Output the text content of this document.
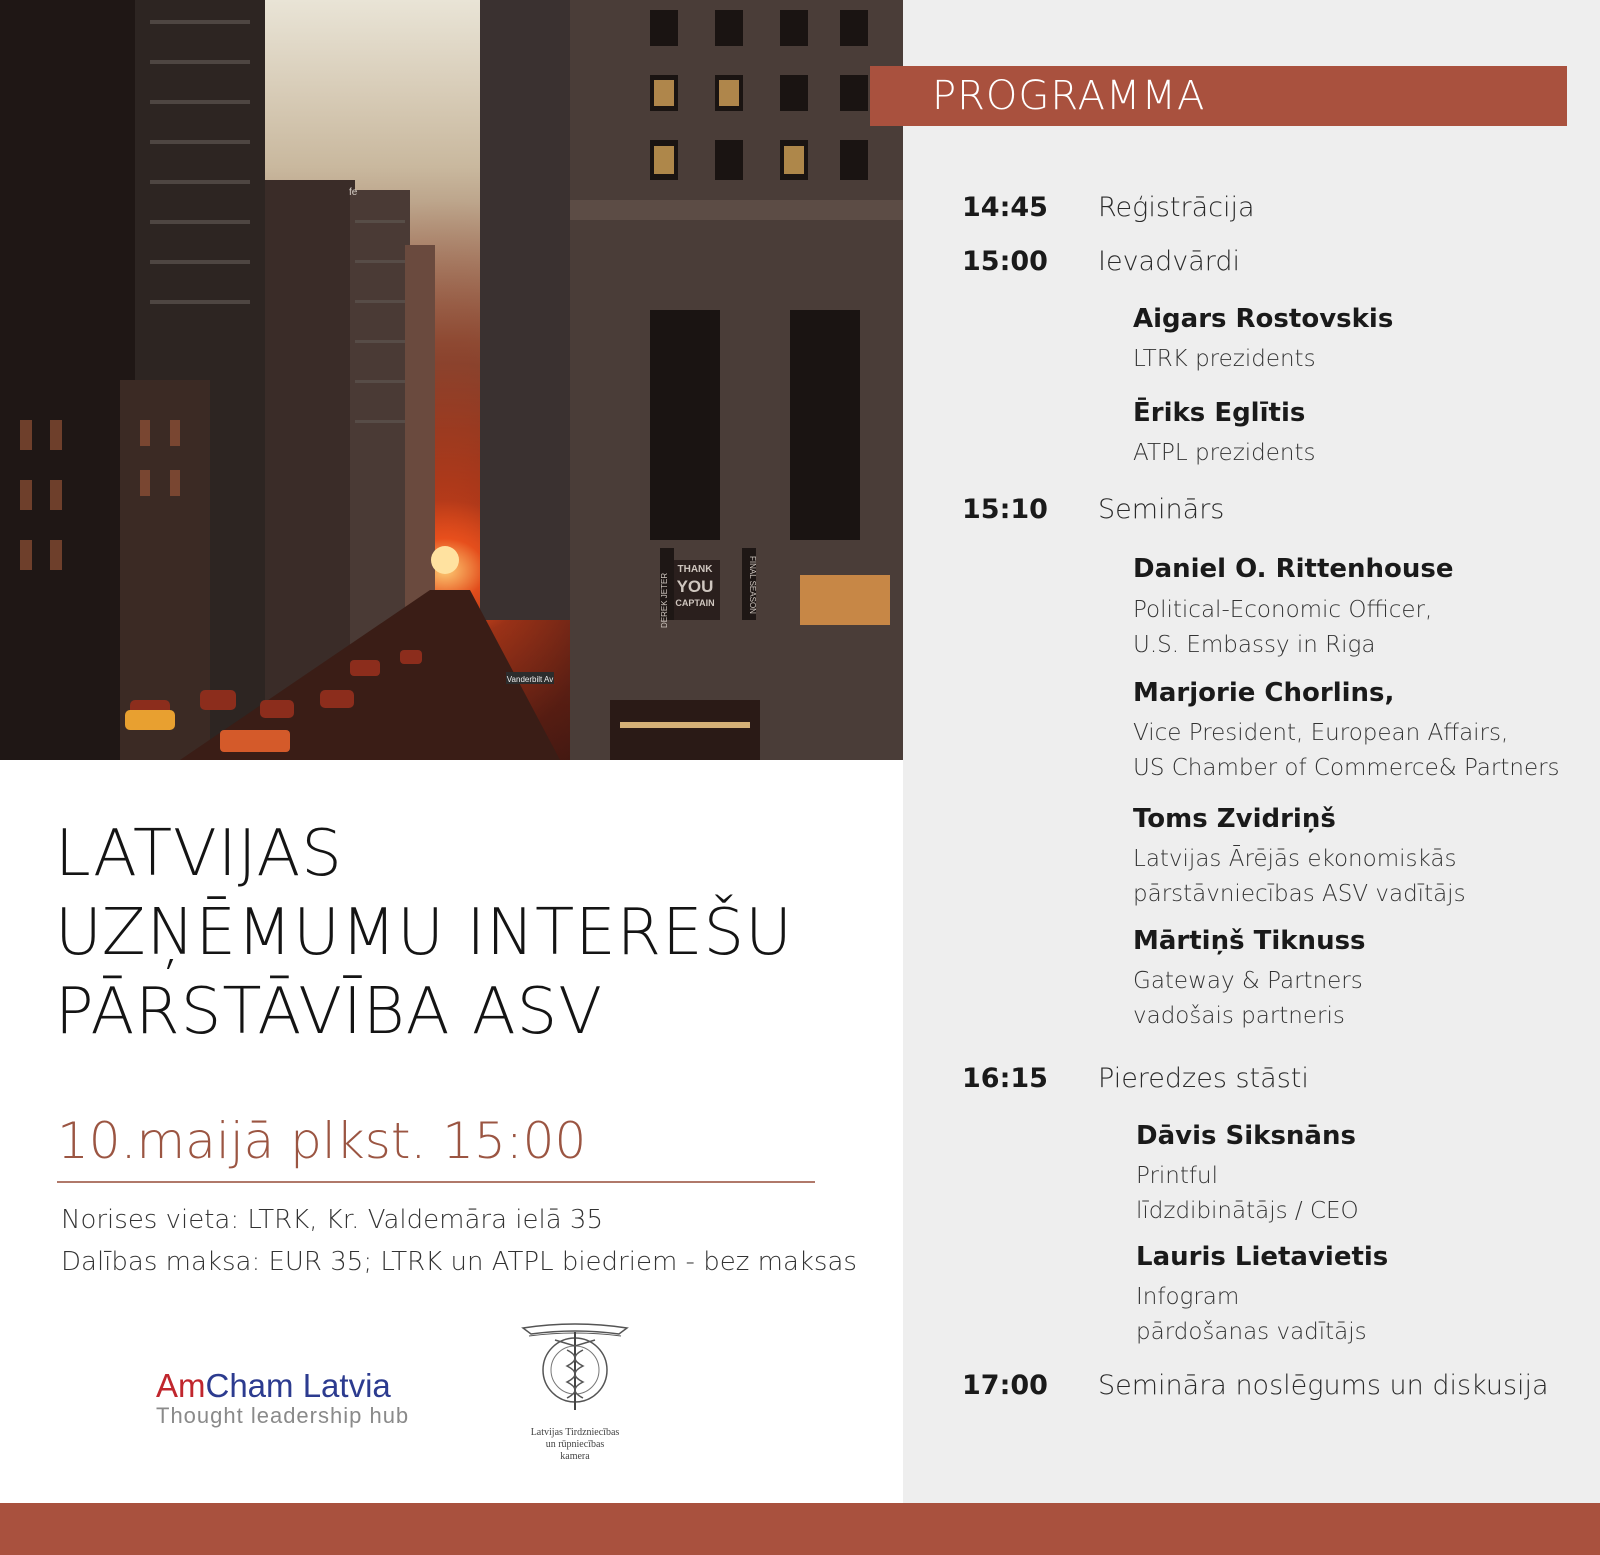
THANK
YOU
CAPTAIN
DEREK JETER	FINAL SEASON
Vanderbilt Av
fe
LATVIJAS
UZŅĒMUMU INTEREŠU
PĀRSTĀVĪBA ASV
10.maijā plkst. 15:00
Norises vieta: LTRK, Kr. Valdemāra ielā 35
Dalības maksa: EUR 35; LTRK un ATPL biedriem - bez maksas
AmCham Latvia
Thought leadership hub
Latvijas Tirdzniecības
un rūpniecības
kamera
PROGRAMMA
14:45 Reģistrācija
15:00 Ievadvārdi
Aigars Rostovskis
LTRK prezidents
Ēriks Eglītis
ATPL prezidents
15:10 Seminārs
Daniel O. Rittenhouse
Political-Economic Officer,
U.S. Embassy in Riga
Marjorie Chorlins,
Vice President, European Affairs,
US Chamber of Commerce& Partners
Toms Zvidriņš
Latvijas Ārējās ekonomiskās
pārstāvniecības ASV vadītājs
Mārtiņš Tiknuss
Gateway & Partners
vadošais partneris
16:15 Pieredzes stāsti
Dāvis Siksnāns
Printful
līdzdibinātājs / CEO
Lauris Lietavietis
Infogram
pārdošanas vadītājs
17:00 Semināra noslēgums un diskusija
